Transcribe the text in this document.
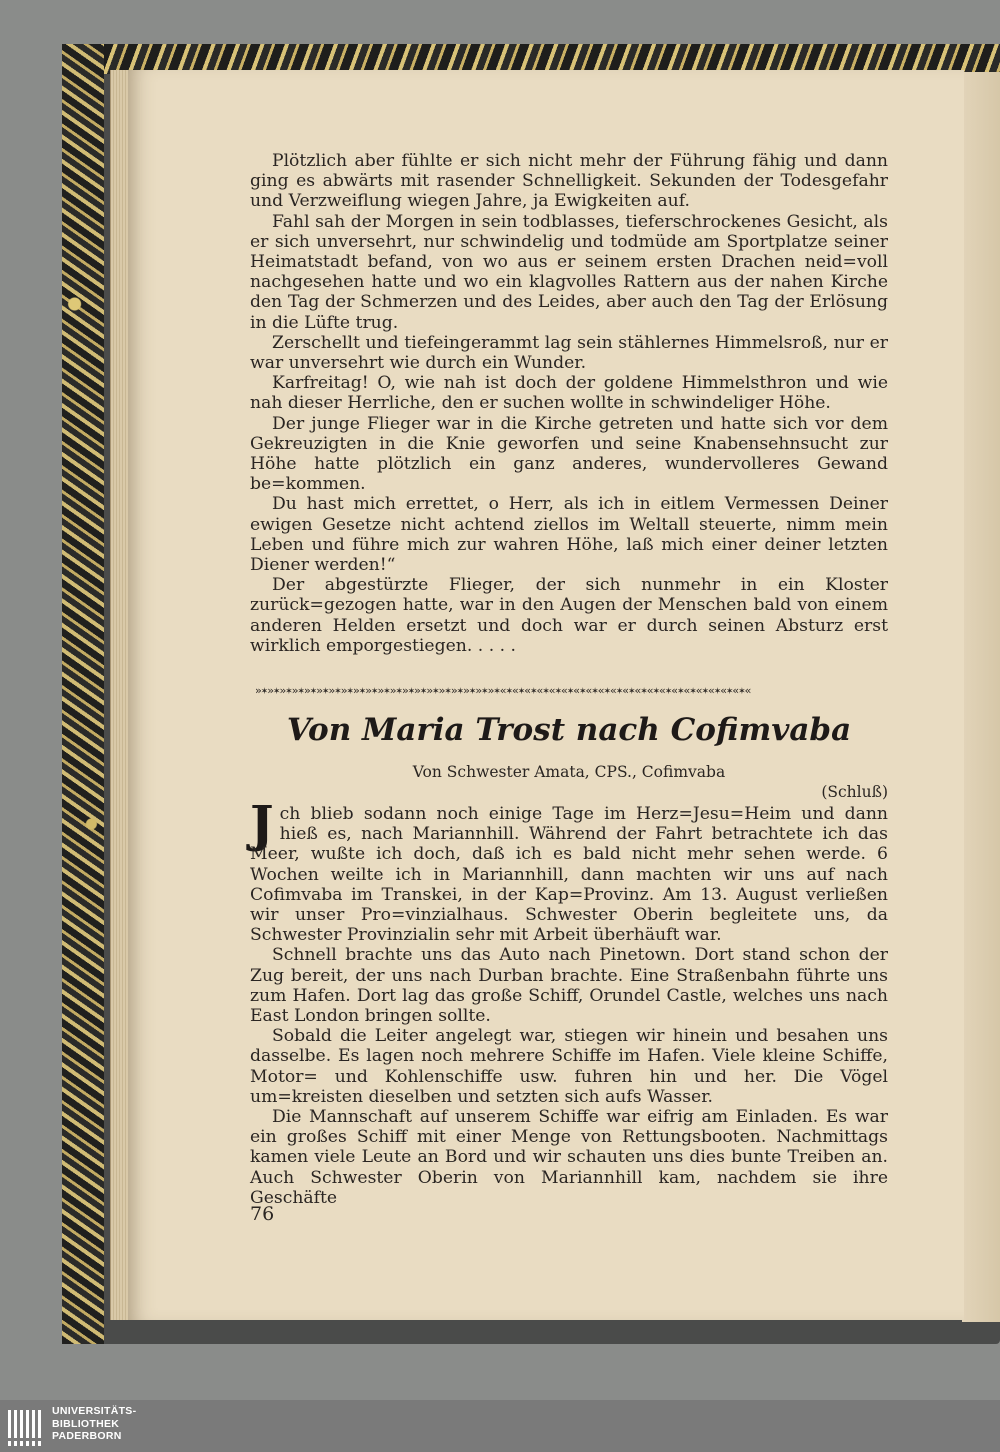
Plötzlich aber fühlte er sich nicht mehr der Führung fähig und dann ging es abwärts mit rasender Schnelligkeit. Sekunden der Todesgefahr und Verzweiflung wiegen Jahre, ja Ewigkeiten auf.

Fahl sah der Morgen in sein todblasses, tieferschrockenes Gesicht, als er sich unversehrt, nur schwindelig und todmüde am Sportplatze seiner Heimatstadt befand, von wo aus er seinem ersten Drachen neid=voll nachgesehen hatte und wo ein klagvolles Rattern aus der nahen Kirche den Tag der Schmerzen und des Leides, aber auch den Tag der Erlösung in die Lüfte trug.

Zerschellt und tiefeingerammt lag sein stählernes Himmelsroß, nur er war unversehrt wie durch ein Wunder.

Karfreitag! O, wie nah ist doch der goldene Himmelsthron und wie nah dieser Herrliche, den er suchen wollte in schwindeliger Höhe.

Der junge Flieger war in die Kirche getreten und hatte sich vor dem Gekreuzigten in die Knie geworfen und seine Knabensehnsucht zur Höhe hatte plötzlich ein ganz anderes, wundervolleres Gewand be=kommen.

Du hast mich errettet, o Herr, als ich in eitlem Vermessen Deiner ewigen Gesetze nicht achtend ziellos im Weltall steuerte, nimm mein Leben und führe mich zur wahren Höhe, laß mich einer deiner letzten Diener werden!“

Der abgestürzte Flieger, der sich nunmehr in ein Kloster zurück=gezogen hatte, war in den Augen der Menschen bald von einem anderen Helden ersetzt und doch war er durch seinen Absturz erst wirklich emporgestiegen. . . . .

»✶»✶»✶»✶»✶»✶»✶»✶»✶»✶»✶»✶»✶»✶»✶»✶»✶»✶»✶»✶«✶«✶«✶«✶«✶«✶«✶«✶«✶«✶«✶«✶«✶«✶«✶«✶«✶«✶«✶«✶«
Von Maria Trost nach Cofimvaba
Von Schwester Amata, CPS., Cofimvaba
(Schluß)

Jch blieb sodann noch einige Tage im Herz=Jesu=Heim und dann hieß es, nach Mariannhill. Während der Fahrt betrachtete ich das Meer, wußte ich doch, daß ich es bald nicht mehr sehen werde. 6 Wochen weilte ich in Mariannhill, dann machten wir uns auf nach Cofimvaba im Transkei, in der Kap=Provinz. Am 13. August verließen wir unser Pro=vinzialhaus. Schwester Oberin begleitete uns, da Schwester Provinzialin sehr mit Arbeit überhäuft war.

Schnell brachte uns das Auto nach Pinetown. Dort stand schon der Zug bereit, der uns nach Durban brachte. Eine Straßenbahn führte uns zum Hafen. Dort lag das große Schiff, Orundel Castle, welches uns nach East London bringen sollte.

Sobald die Leiter angelegt war, stiegen wir hinein und besahen uns dasselbe. Es lagen noch mehrere Schiffe im Hafen. Viele kleine Schiffe, Motor= und Kohlenschiffe usw. fuhren hin und her. Die Vögel um=kreisten dieselben und setzten sich aufs Wasser.

Die Mannschaft auf unserem Schiffe war eifrig am Einladen. Es war ein großes Schiff mit einer Menge von Rettungsbooten. Nachmittags kamen viele Leute an Bord und wir schauten uns dies bunte Treiben an. Auch Schwester Oberin von Mariannhill kam, nachdem sie ihre Geschäfte

76
UNIVERSITÄTS-
BIBLIOTHEK
PADERBORN
